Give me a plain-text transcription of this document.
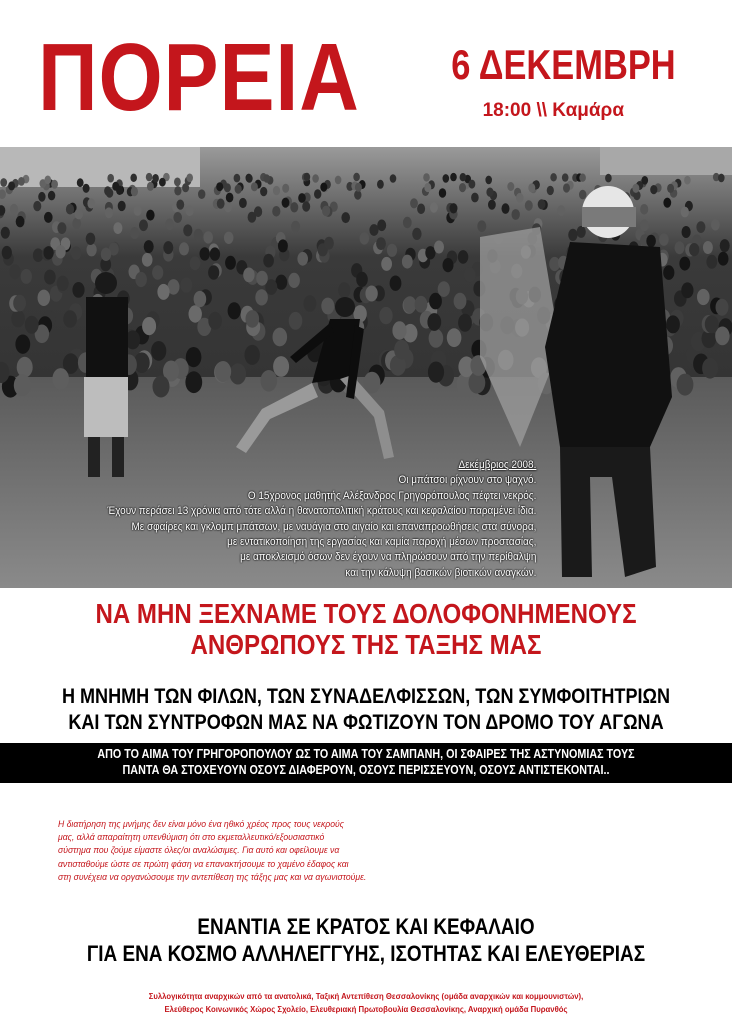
ΠΟΡΕΙΑ 6 ΔΕΚΕΜΒΡΗ
18:00 \\ Καμάρα
Δεκέμβριος 2008.
Οι μπάτσοι ρίχνουν στο ψαχνό.
Ο 15χρονος μαθητής Αλέξανδρος Γρηγορόπουλος πέφτει νεκρός.
Έχουν περάσει 13 χρόνια από τότε αλλά η θανατοπολιτική κράτους και κεφαλαίου παραμένει ίδια.
Με σφαίρες και γκλομπ μπάτσων, με ναυάγια στο αιγαίο και επαναπροωθήσεις στα σύνορα,
με εντατικοποίηση της εργασίας και καμία παροχή μέσων προστασίας,
με αποκλεισμό όσων δεν έχουν να πληρώσουν από την περίθαλψη
και την κάλυψη βασικών βιοτικών αναγκών.
ΝΑ ΜΗΝ ΞΕΧΝΑΜΕ ΤΟΥΣ ΔΟΛΟΦΟΝΗΜΕΝΟΥΣ
ΑΝΘΡΩΠΟΥΣ ΤΗΣ ΤΑΞΗΣ ΜΑΣ
Η ΜΝΗΜΗ ΤΩΝ ΦΙΛΩΝ, ΤΩΝ ΣΥΝΑΔΕΛΦΙΣΣΩΝ, ΤΩΝ ΣΥΜΦΟΙΤΗΤΡΙΩΝ
ΚΑΙ ΤΩΝ ΣΥΝΤΡΟΦΩΝ ΜΑΣ ΝΑ ΦΩΤΙΖΟΥΝ ΤΟΝ ΔΡΟΜΟ ΤΟΥ ΑΓΩΝΑ
ΑΠΟ ΤΟ ΑΙΜΑ ΤΟΥ ΓΡΗΓΟΡΟΠΟΥΛΟΥ ΩΣ ΤΟ ΑΙΜΑ ΤΟΥ ΣΑΜΠΑΝΗ, ΟΙ ΣΦΑΙΡΕΣ ΤΗΣ ΑΣΤΥΝΟΜΙΑΣ ΤΟΥΣ
ΠΑΝΤΑ ΘΑ ΣΤΟΧΕΥΟΥΝ ΟΣΟΥΣ ΔΙΑΦΕΡΟΥΝ, ΟΣΟΥΣ ΠΕΡΙΣΣΕΥΟΥΝ, ΟΣΟΥΣ ΑΝΤΙΣΤΕΚΟΝΤΑΙ..
Η διατήρηση της μνήμης δεν είναι μόνο ένα ηθικό χρέος προς τους νεκρούς
μας, αλλά απαραίτητη υπενθύμιση ότι στο εκμεταλλευτικό/εξουσιαστικό
σύστημα που ζούμε είμαστε όλες/οι αναλώσιμες. Για αυτό και οφείλουμε να
αντισταθούμε ώστε σε πρώτη φάση να επανακτήσουμε το χαμένο έδαφος και
στη συνέχεια να οργανώσουμε την αντεπίθεση της τάξης μας και να αγωνιστούμε.
ΕΝΑΝΤΙΑ ΣΕ ΚΡΑΤΟΣ ΚΑΙ ΚΕΦΑΛΑΙΟ
ΓΙΑ ΕΝΑ ΚΟΣΜΟ ΑΛΛΗΛΕΓΓΥΗΣ, ΙΣΟΤΗΤΑΣ ΚΑΙ ΕΛΕΥΘΕΡΙΑΣ
Συλλογικότητα αναρχικών από τα ανατολικά, Ταξική Αντεπίθεση Θεσσαλονίκης (ομάδα αναρχικών και κομμουνιστών),
Ελεύθερος Κοινωνικός Χώρος Σχολείο, Ελευθεριακή Πρωτοβουλία Θεσσαλονίκης, Αναρχική ομάδα Πυρανθός
